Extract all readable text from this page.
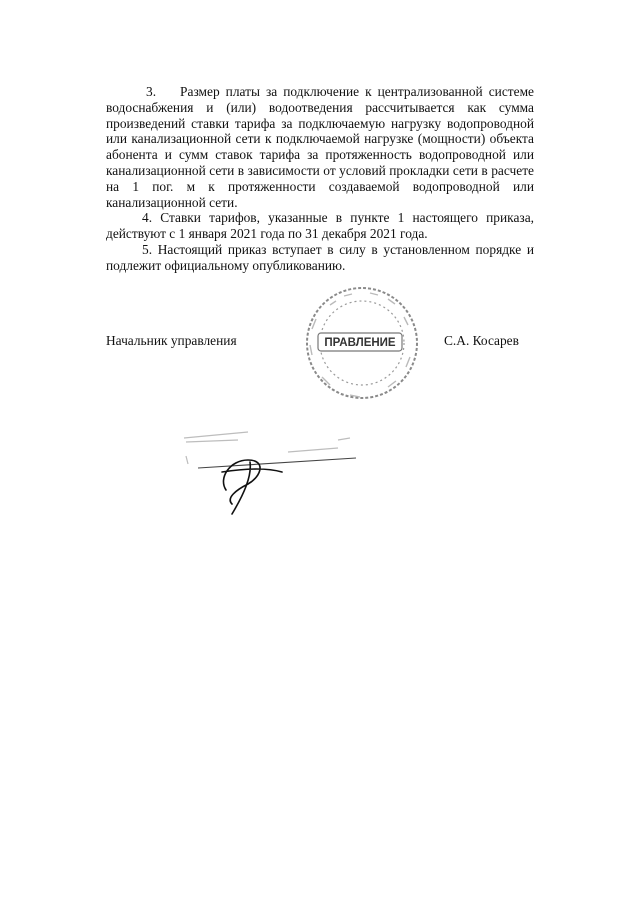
3.    Размер платы за подключение к централизованной системе водоснабжения и (или) водоотведения рассчитывается как сумма произведений ставки тарифа за подключаемую нагрузку водопроводной или канализационной сети к подключаемой нагрузке (мощности) объекта абонента и сумм ставок тарифа за протяженность водопроводной или канализационной сети в зависимости от условий прокладки сети в расчете на 1 пог. м к протяженности создаваемой водопроводной или канализационной сети.

4. Ставки тарифов, указанные в пункте 1 настоящего приказа, действуют с 1 января 2021 года по 31 декабря 2021 года.

5. Настоящий приказ вступает в силу в установленном порядке и подлежит официальному опубликованию.

Начальник управления	ПРАВЛЕНИЕ	С.А. Косарев
